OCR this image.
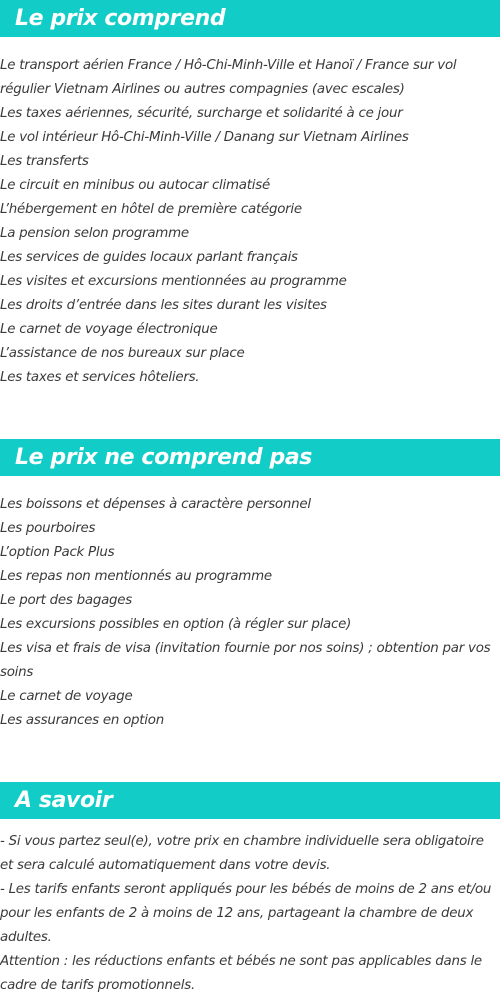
Le prix comprend
Le transport aérien France / Hô-Chi-Minh-Ville et Hanoï / France sur vol régulier Vietnam Airlines ou autres compagnies (avec escales)
Les taxes aériennes, sécurité, surcharge et solidarité à ce jour
Le vol intérieur Hô-Chi-Minh-Ville / Danang sur Vietnam Airlines
Les transferts
Le circuit en minibus ou autocar climatisé
L’hébergement en hôtel de première catégorie
La pension selon programme
Les services de guides locaux parlant français
Les visites et excursions mentionnées au programme
Les droits d’entrée dans les sites durant les visites
Le carnet de voyage électronique
L’assistance de nos bureaux sur place
Les taxes et services hôteliers.
Le prix ne comprend pas
Les boissons et dépenses à caractère personnel
Les pourboires
L’option Pack Plus
Les repas non mentionnés au programme
Le port des bagages
Les excursions possibles en option (à régler sur place)
Les visa et frais de visa (invitation fournie por nos soins) ; obtention par vos soins
Le carnet de voyage
Les assurances en option
A savoir

- Si vous partez seul(e), votre prix en chambre individuelle sera obligatoire et sera calculé automatiquement dans votre devis.

- Les tarifs enfants seront appliqués pour les bébés de moins de 2 ans et/ou pour les enfants de 2 à moins de 12 ans, partageant la chambre de deux adultes.

Attention : les réductions enfants et bébés ne sont pas applicables dans le cadre de tarifs promotionnels.
